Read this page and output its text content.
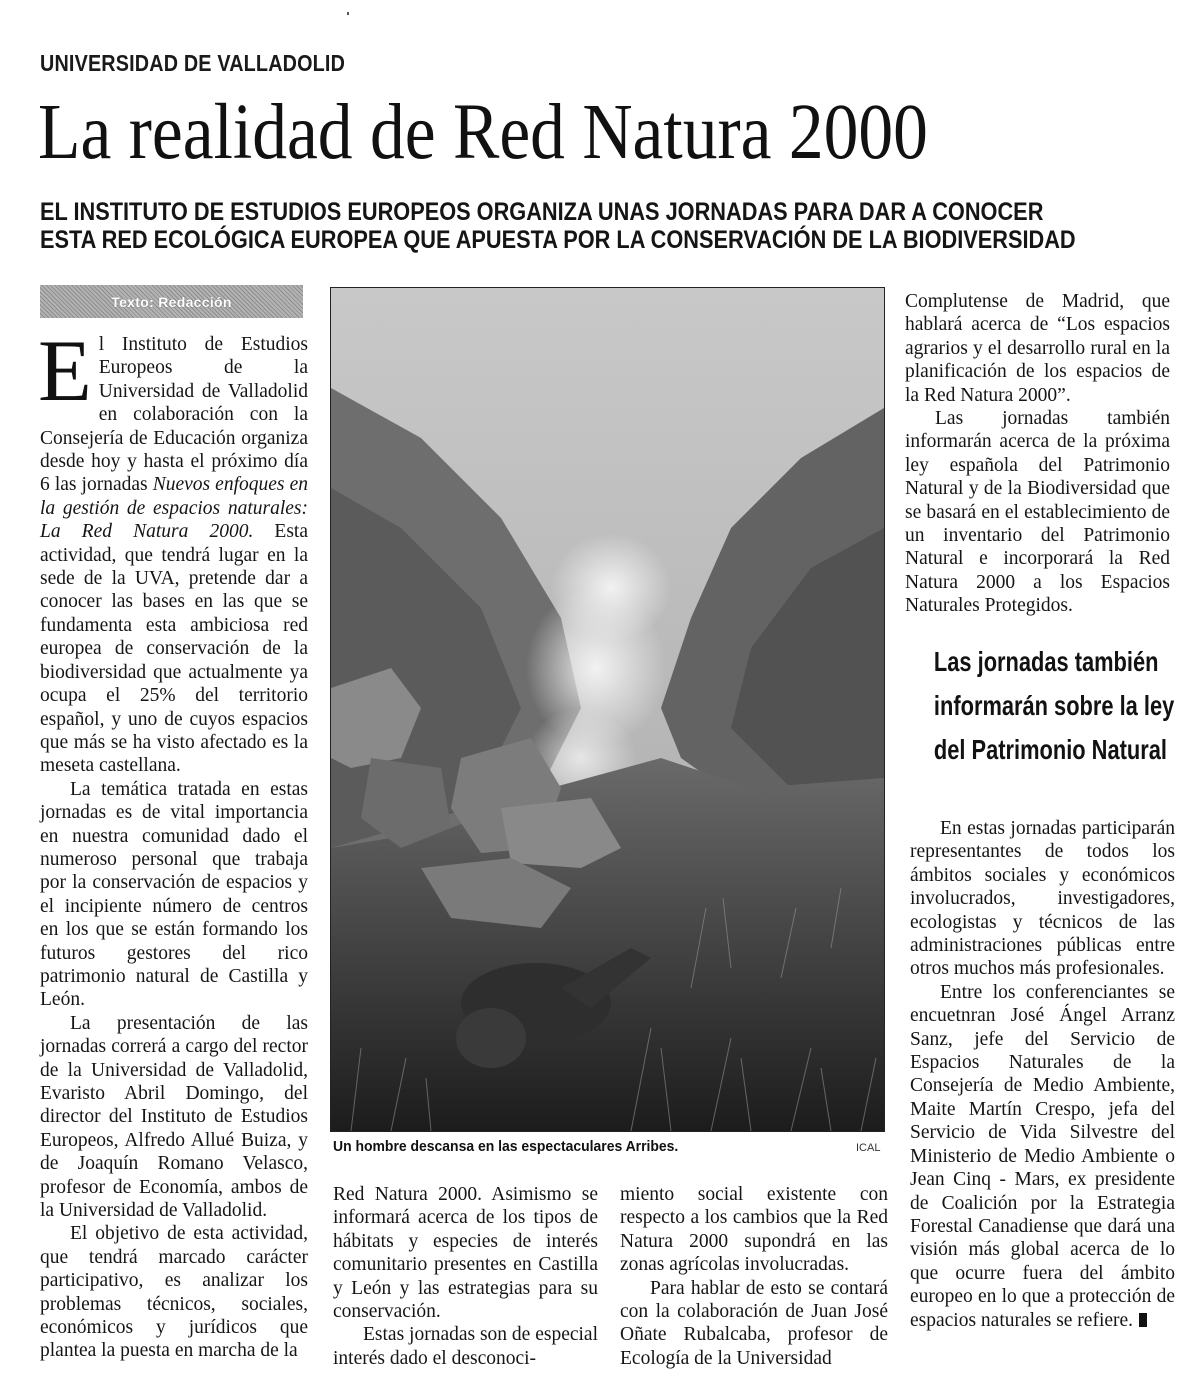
UNIVERSIDAD DE VALLADOLID
La realidad de Red Natura 2000
EL INSTITUTO DE ESTUDIOS EUROPEOS ORGANIZA UNAS JORNADAS PARA DAR A CONOCER
ESTA RED ECOLÓGICA EUROPEA QUE APUESTA POR LA CONSERVACIÓN DE LA BIODIVERSIDAD
Texto: Redacción

El Instituto de Estudios Europeos de la Universidad de Valladolid en colaboración con la Consejería de Educación organiza desde hoy y hasta el próximo día 6 las jornadas Nuevos enfoques en la gestión de espacios naturales: La Red Natura 2000. Esta actividad, que tendrá lugar en la sede de la UVA, pretende dar a conocer las bases en las que se fundamenta esta ambiciosa red europea de conservación de la biodiversidad que actualmente ya ocupa el 25% del territorio español, y uno de cuyos espacios que más se ha visto afectado es la meseta castellana.

La temática tratada en estas jornadas es de vital importancia en nuestra comunidad dado el numeroso personal que trabaja por la conservación de espacios y el incipiente número de centros en los que se están formando los futuros gestores del rico patrimonio natural de Castilla y León.

La presentación de las jornadas correrá a cargo del rector de la Universidad de Valladolid, Evaristo Abril Domingo, del director del Instituto de Estudios Europeos, Alfredo Allué Buiza, y de Joaquín Romano Velasco, profesor de Economía, ambos de la Universidad de Valladolid.

El objetivo de esta actividad, que tendrá marcado carácter participativo, es analizar los problemas técnicos, sociales, económicos y jurídicos que plantea la puesta en marcha de la

Un hombre descansa en las espectaculares Arribes.	ICAL

Red Natura 2000. Asimismo se informará acerca de los tipos de hábitats y especies de interés comunitario presentes en Castilla y León y las estrategias para su conservación.

Estas jornadas son de especial interés dado el desconoci-

miento social existente con respecto a los cambios que la Red Natura 2000 supondrá en las zonas agrícolas involucradas.

Para hablar de esto se contará con la colaboración de Juan José Oñate Rubalcaba, profesor de Ecología de la Universidad

Complutense de Madrid, que hablará acerca de “Los espacios agrarios y el desarrollo rural en la planificación de los espacios de la Red Natura 2000”.

Las jornadas también informarán acerca de la próxima ley española del Patrimonio Natural y de la Biodiversidad que se basará en el establecimiento de un inventario del Patrimonio Natural e incorporará la Red Natura 2000 a los Espacios Naturales Protegidos.

Las jornadas también
informarán sobre la ley
del Patrimonio Natural

En estas jornadas participarán representantes de todos los ámbitos sociales y económicos involucrados, investigadores, ecologistas y técnicos de las administraciones públicas entre otros muchos más profesionales.

Entre los conferenciantes se encuetnran José Ángel Arranz Sanz, jefe del Servicio de Espacios Naturales de la Consejería de Medio Ambiente, Maite Martín Crespo, jefa del Servicio de Vida Silvestre del Ministerio de Medio Ambiente o Jean Cinq - Mars, ex presidente de Coalición por la Estrategia Forestal Canadiense que dará una visión más global acerca de lo que ocurre fuera del ámbito europeo en lo que a protección de espacios naturales se refiere.
